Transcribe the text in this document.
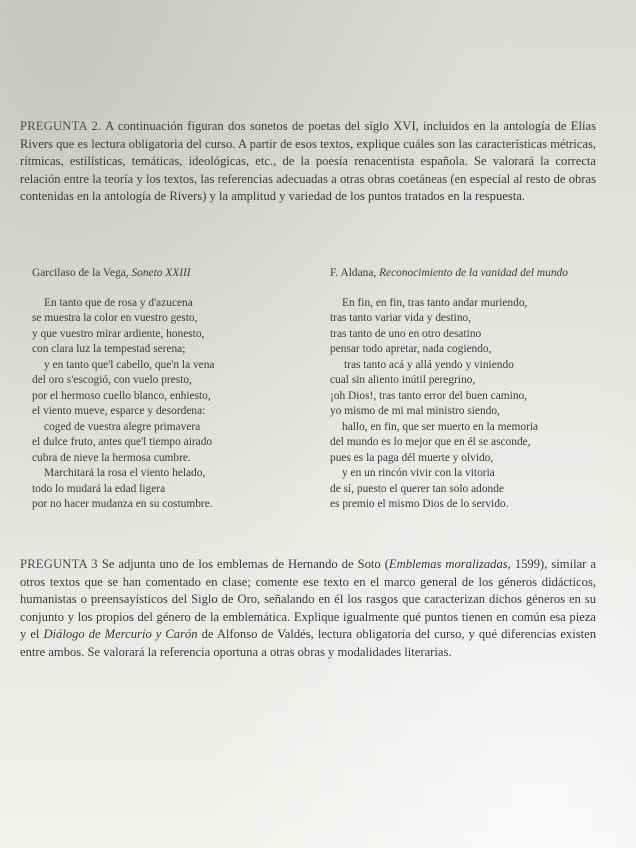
PREGUNTA 2. A continuación figuran dos sonetos de poetas del siglo XVI, incluidos en la antología de Elías Rivers que es lectura obligatoria del curso. A partir de esos textos, explique cuáles son las características métricas, rítmicas, estilísticas, temáticas, ideológicas, etc., de la poesía renacentista española. Se valorará la correcta relación entre la teoría y los textos, las referencias adecuadas a otras obras coetáneas (en especial al resto de obras contenidas en la antología de Rivers) y la amplitud y variedad de los puntos tratados en la respuesta.

Garcilaso de la Vega, Soneto XXIII
En tanto que de rosa y d'azucena
se muestra la color en vuestro gesto,
y que vuestro mirar ardiente, honesto,
con clara luz la tempestad serena;
y en tanto que'l cabello, que'n la vena
del oro s'escogió, con vuelo presto,
por el hermoso cuello blanco, enhiesto,
el viento mueve, esparce y desordena:
coged de vuestra alegre primavera
el dulce fruto, antes que'l tiempo airado
cubra de nieve la hermosa cumbre.
Marchitará la rosa el viento helado,
todo lo mudará la edad ligera
por no hacer mudanza en su costumbre.
F. Aldana, Reconocimiento de la vanidad del mundo
En fin, en fin, tras tanto andar muriendo,
tras tanto variar vida y destino,
tras tanto de uno en otro desatino
pensar todo apretar, nada cogiendo,
tras tanto acá y allá yendo y viniendo
cual sin aliento inútil peregrino,
¡oh Dios!, tras tanto error del buen camino,
yo mismo de mi mal ministro siendo,
hallo, en fin, que ser muerto en la memoria
del mundo es lo mejor que en él se asconde,
pues es la paga dél muerte y olvido,
y en un rincón vivir con la vitoria
de sí, puesto el querer tan solo adonde
es premio el mismo Dios de lo servido.

PREGUNTA 3 Se adjunta uno de los emblemas de Hernando de Soto (Emblemas moralizadas, 1599), similar a otros textos que se han comentado en clase; comente ese texto en el marco general de los géneros didácticos, humanistas o preensayísticos del Siglo de Oro, señalando en él los rasgos que caracterizan dichos géneros en su conjunto y los propios del género de la emblemática. Explique igualmente qué puntos tienen en común esa pieza y el Diálogo de Mercurio y Carón de Alfonso de Valdés, lectura obligatoria del curso, y qué diferencias existen entre ambos. Se valorará la referencia oportuna a otras obras y modalidades literarias.
